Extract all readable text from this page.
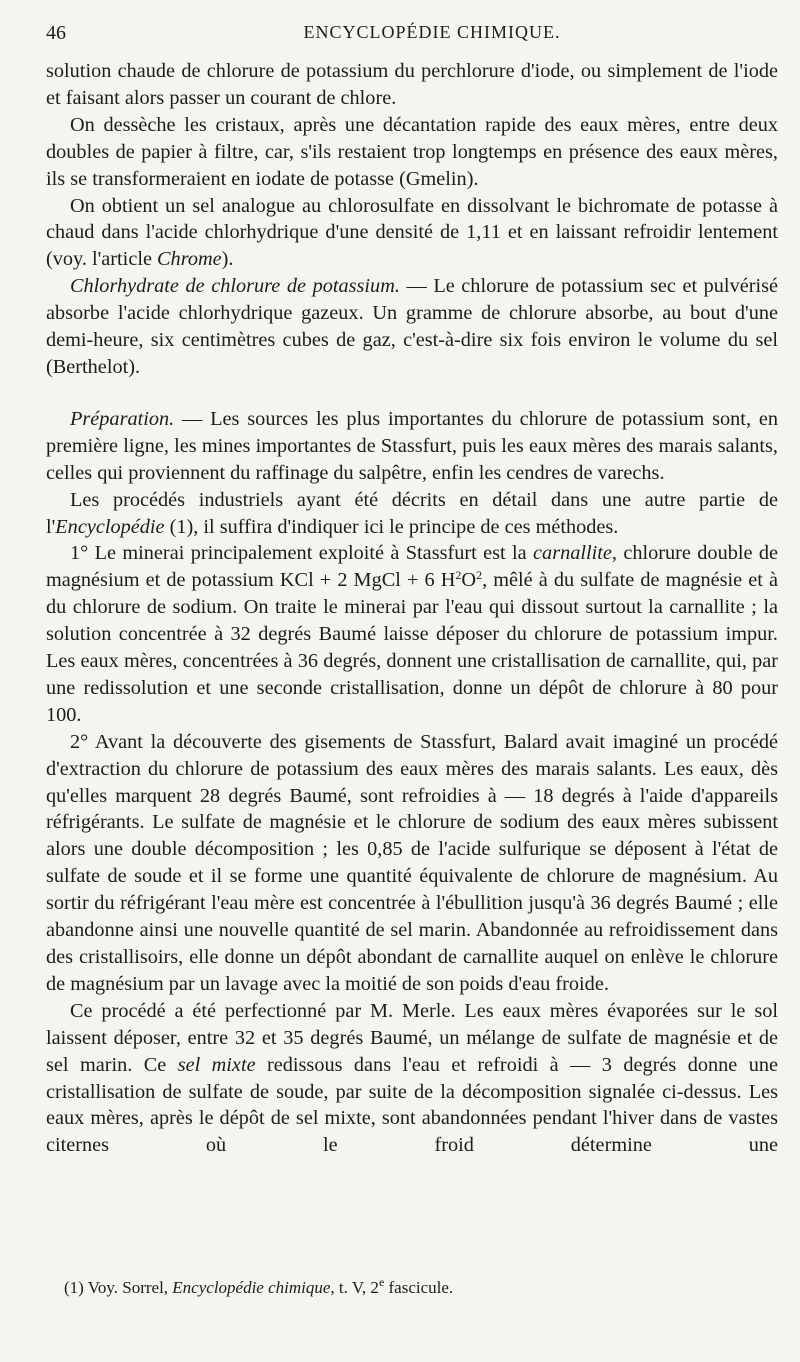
46	ENCYCLOPÉDIE CHIMIQUE.

solution chaude de chlorure de potassium du perchlorure d'iode, ou simplement de l'iode et faisant alors passer un courant de chlore.

On dessèche les cristaux, après une décantation rapide des eaux mères, entre deux doubles de papier à filtre, car, s'ils restaient trop longtemps en présence des eaux mères, ils se transformeraient en iodate de potasse (Gmelin).

On obtient un sel analogue au chlorosulfate en dissolvant le bichromate de potasse à chaud dans l'acide chlorhydrique d'une densité de 1,11 et en laissant refroidir lentement (voy. l'article Chrome).

Chlorhydrate de chlorure de potassium. — Le chlorure de potassium sec et pulvérisé absorbe l'acide chlorhydrique gazeux. Un gramme de chlorure absorbe, au bout d'une demi-heure, six centimètres cubes de gaz, c'est-à-dire six fois environ le volume du sel (Berthelot).

Préparation. — Les sources les plus importantes du chlorure de potassium sont, en première ligne, les mines importantes de Stassfurt, puis les eaux mères des marais salants, celles qui proviennent du raffinage du salpêtre, enfin les cendres de varechs.

Les procédés industriels ayant été décrits en détail dans une autre partie de l'Encyclopédie (1), il suffira d'indiquer ici le principe de ces méthodes.

1° Le minerai principalement exploité à Stassfurt est la carnallite, chlorure double de magnésium et de potassium KCl + 2 MgCl + 6 $H^2O^2$, mêlé à du sulfate de magnésie et à du chlorure de sodium. On traite le minerai par l'eau qui dissout surtout la carnallite ; la solution concentrée à 32 degrés Baumé laisse déposer du chlorure de potassium impur. Les eaux mères, concentrées à 36 degrés, donnent une cristallisation de carnallite, qui, par une redissolution et une seconde cristallisation, donne un dépôt de chlorure à 80 pour 100.

2° Avant la découverte des gisements de Stassfurt, Balard avait imaginé un procédé d'extraction du chlorure de potassium des eaux mères des marais salants. Les eaux, dès qu'elles marquent 28 degrés Baumé, sont refroidies à — 18 degrés à l'aide d'appareils réfrigérants. Le sulfate de magnésie et le chlorure de sodium des eaux mères subissent alors une double décomposition ; les 0,85 de l'acide sulfurique se déposent à l'état de sulfate de soude et il se forme une quantité équivalente de chlorure de magnésium. Au sortir du réfrigérant l'eau mère est concentrée à l'ébullition jusqu'à 36 degrés Baumé ; elle abandonne ainsi une nouvelle quantité de sel marin. Abandonnée au refroidissement dans des cristallisoirs, elle donne un dépôt abondant de carnallite auquel on enlève le chlorure de magnésium par un lavage avec la moitié de son poids d'eau froide.

Ce procédé a été perfectionné par M. Merle. Les eaux mères évaporées sur le sol laissent déposer, entre 32 et 35 degrés Baumé, un mélange de sulfate de magnésie et de sel marin. Ce sel mixte redissous dans l'eau et refroidi à — 3 degrés donne une cristallisation de sulfate de soude, par suite de la décomposition signalée ci-dessus. Les eaux mères, après le dépôt de sel mixte, sont abandonnées pendant l'hiver dans de vastes citernes où le froid détermine une

(1) Voy. Sorrel, Encyclopédie chimique, t. V, 2e fascicule.
